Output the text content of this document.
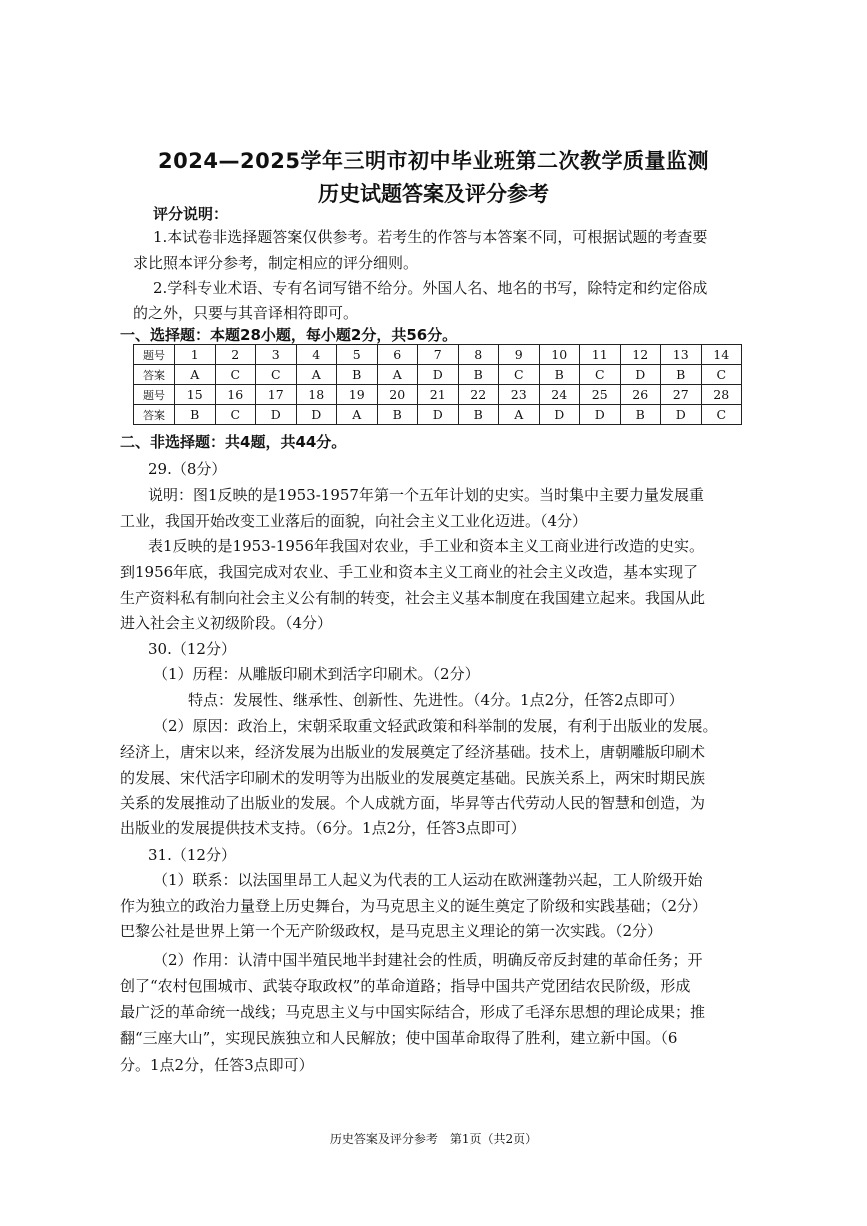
2024—2025学年三明市初中毕业班第二次教学质量监测
历史试题答案及评分参考
评分说明：
1.本试卷非选择题答案仅供参考。若考生的作答与本答案不同，可根据试题的考查要
求比照本评分参考，制定相应的评分细则。
2.学科专业术语、专有名词写错不给分。外国人名、地名的书写，除特定和约定俗成
的之外，只要与其音译相符即可。
一、选择题：本题28小题，每小题2分，共56分。
题号	1	2	3	4	5	6	7	8	9	10	11	12	13	14
答案	A	C	C	A	B	A	D	B	C	B	C	D	B	C
题号	15	16	17	18	19	20	21	22	23	24	25	26	27	28
答案	B	C	D	D	A	B	D	B	A	D	D	B	D	C
二、非选择题：共4题，共44分。
29.（8分）
说明：图1反映的是1953-1957年第一个五年计划的史实。当时集中主要力量发展重
工业，我国开始改变工业落后的面貌，向社会主义工业化迈进。（4分）
表1反映的是1953-1956年我国对农业，手工业和资本主义工商业进行改造的史实。
到1956年底，我国完成对农业、手工业和资本主义工商业的社会主义改造，基本实现了
生产资料私有制向社会主义公有制的转变，社会主义基本制度在我国建立起来。我国从此
进入社会主义初级阶段。（4分）
30.（12分）
（1）历程：从雕版印刷术到活字印刷术。（2分）
特点：发展性、继承性、创新性、先进性。（4分。1点2分，任答2点即可）
（2）原因：政治上，宋朝采取重文轻武政策和科举制的发展，有利于出版业的发展。
经济上，唐宋以来，经济发展为出版业的发展奠定了经济基础。技术上，唐朝雕版印刷术
的发展、宋代活字印刷术的发明等为出版业的发展奠定基础。民族关系上，两宋时期民族
关系的发展推动了出版业的发展。个人成就方面，毕昇等古代劳动人民的智慧和创造，为
出版业的发展提供技术支持。（6分。1点2分，任答3点即可）
31.（12分）
（1）联系：以法国里昂工人起义为代表的工人运动在欧洲蓬勃兴起，工人阶级开始
作为独立的政治力量登上历史舞台，为马克思主义的诞生奠定了阶级和实践基础；（2分）
巴黎公社是世界上第一个无产阶级政权，是马克思主义理论的第一次实践。（2分）
（2）作用：认清中国半殖民地半封建社会的性质，明确反帝反封建的革命任务；开
创了“农村包围城市、武装夺取政权”的革命道路；指导中国共产党团结农民阶级，形成
最广泛的革命统一战线；马克思主义与中国实际结合，形成了毛泽东思想的理论成果；推
翻“三座大山”，实现民族独立和人民解放；使中国革命取得了胜利，建立新中国。（6
分。1点2分，任答3点即可）
历史答案及评分参考　第1页（共2页）
